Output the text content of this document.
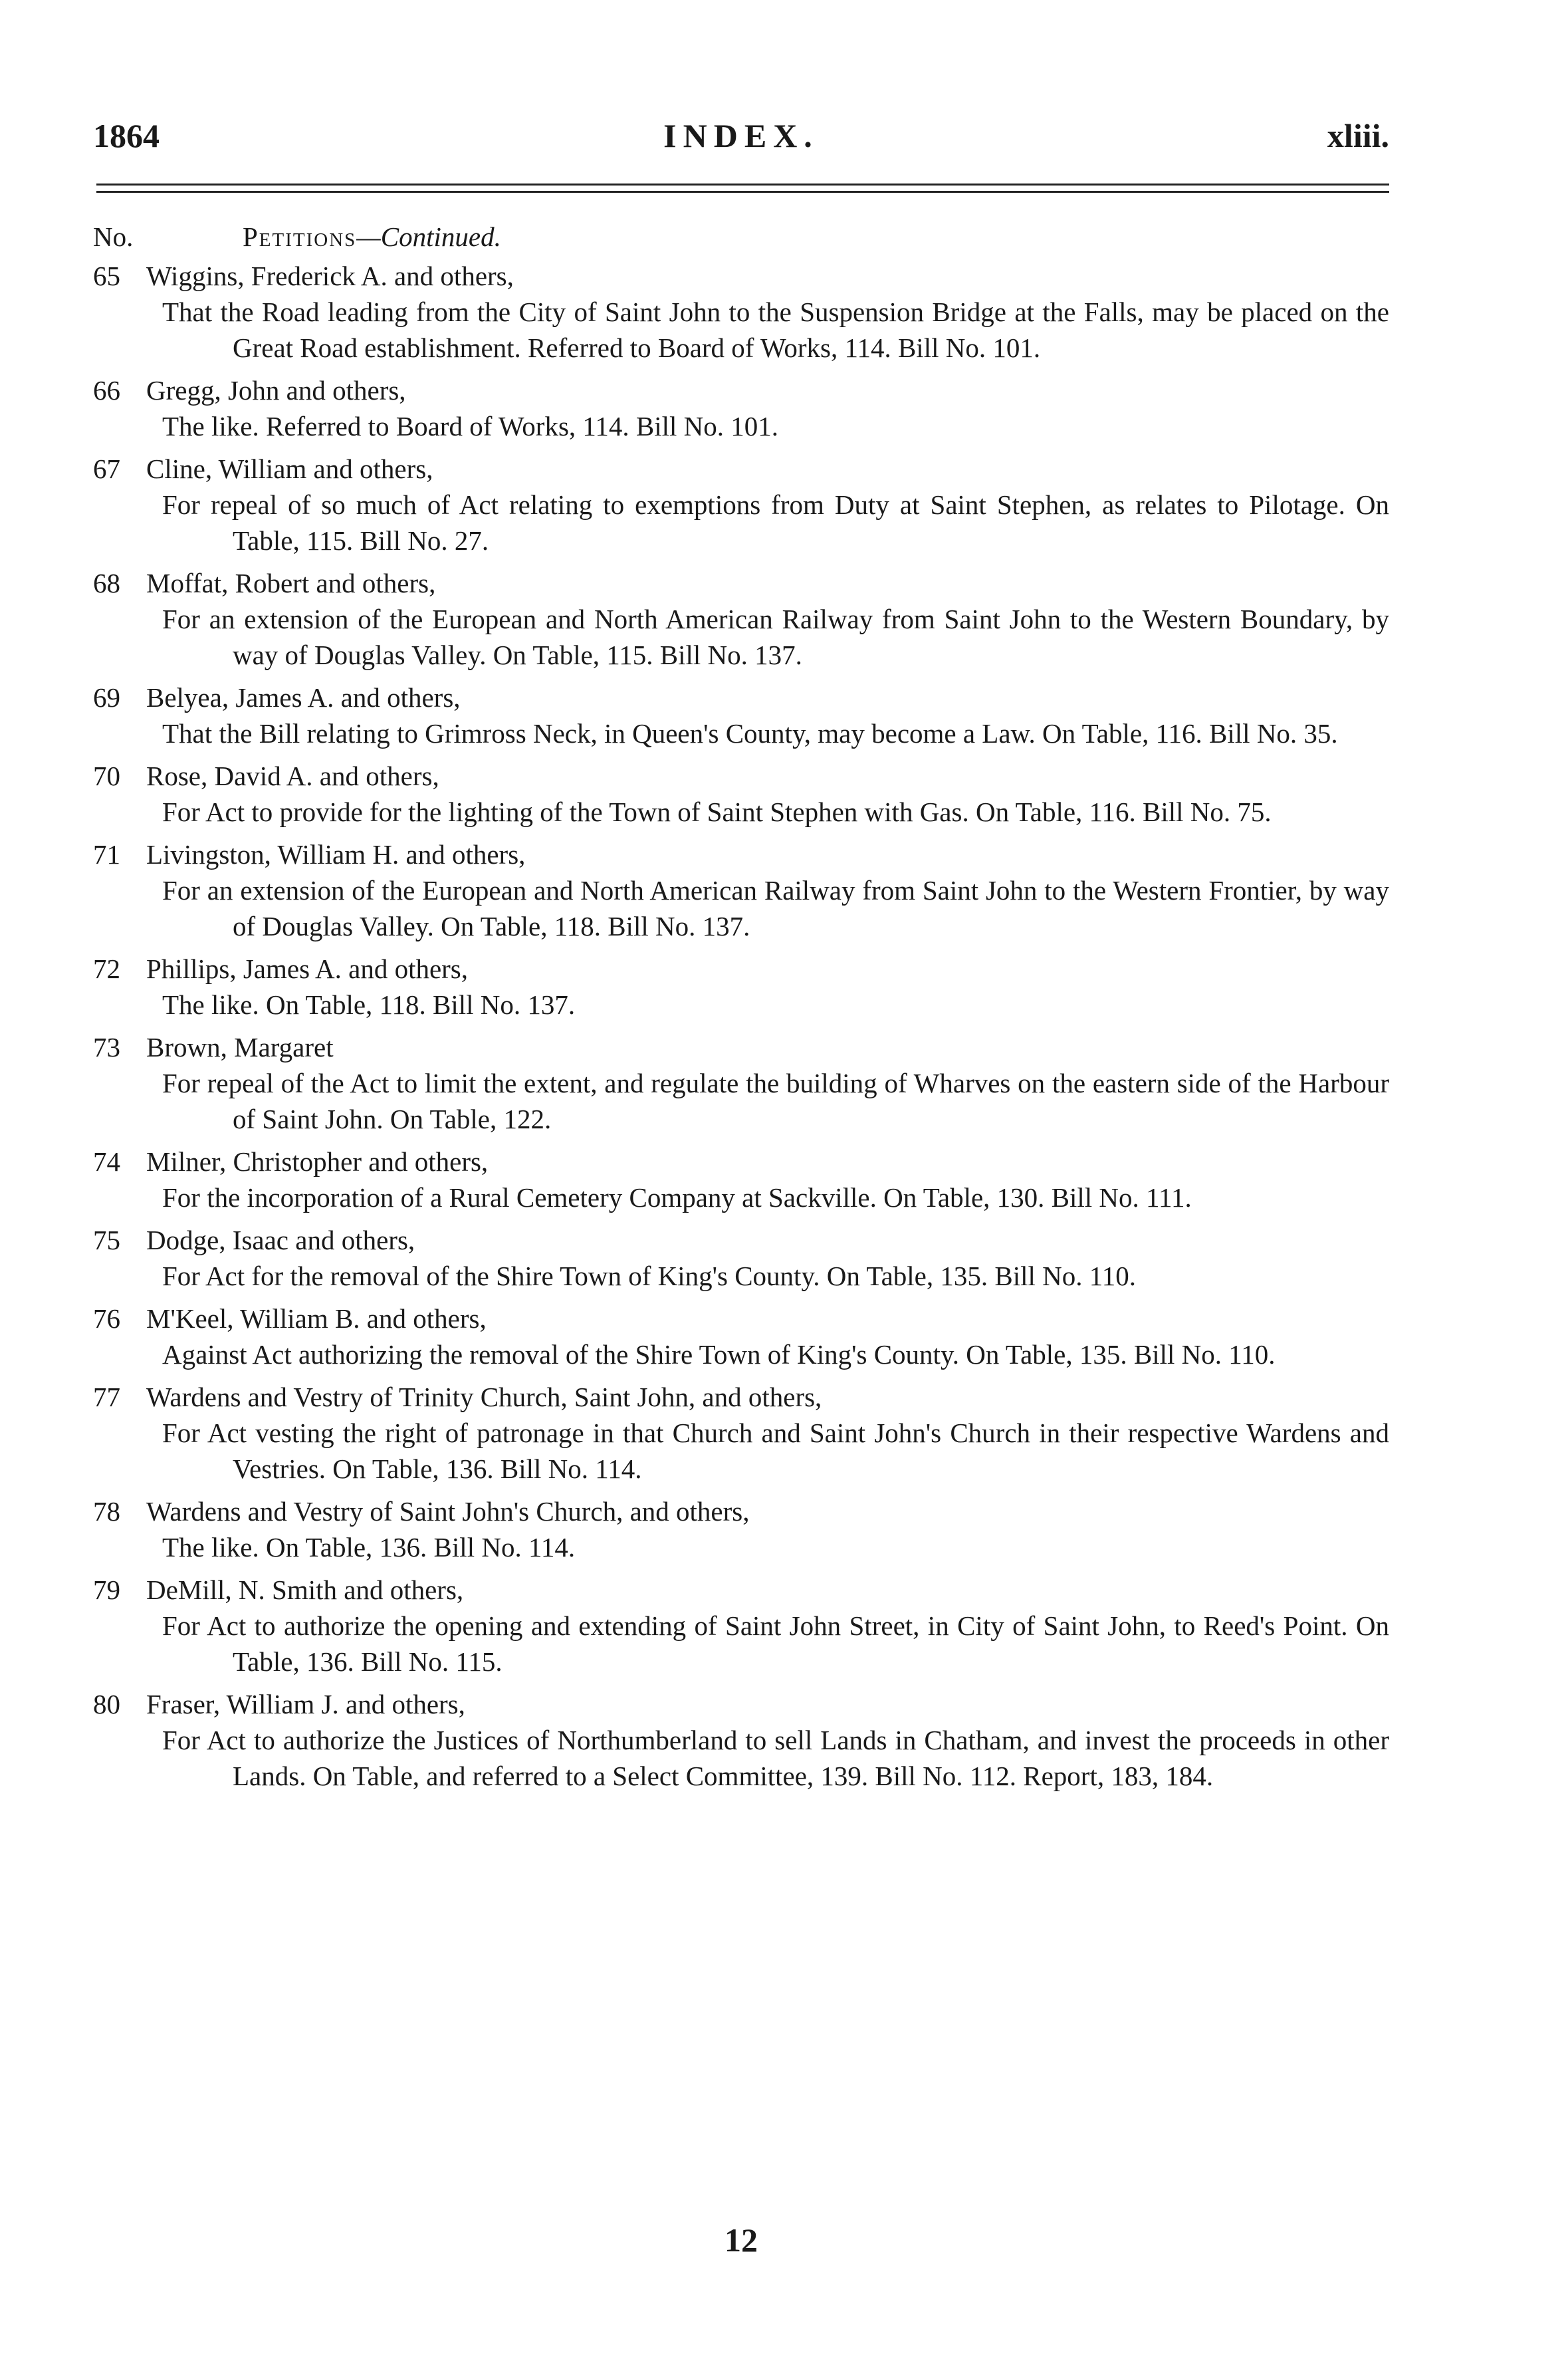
1864	INDEX.	xliii.
No.	Petitions—Continued.
65 Wiggins, Frederick A. and others,
That the Road leading from the City of Saint John to the Suspension Bridge at the Falls, may be placed on the Great Road establishment. Referred to Board of Works, 114. Bill No. 101.
66 Gregg, John and others,
The like. Referred to Board of Works, 114. Bill No. 101.
67 Cline, William and others,
For repeal of so much of Act relating to exemptions from Duty at Saint Stephen, as relates to Pilotage. On Table, 115. Bill No. 27.
68 Moffat, Robert and others,
For an extension of the European and North American Railway from Saint John to the Western Boundary, by way of Douglas Valley. On Table, 115. Bill No. 137.
69 Belyea, James A. and others,
That the Bill relating to Grimross Neck, in Queen's County, may become a Law. On Table, 116. Bill No. 35.
70 Rose, David A. and others,
For Act to provide for the lighting of the Town of Saint Stephen with Gas. On Table, 116. Bill No. 75.
71 Livingston, William H. and others,
For an extension of the European and North American Railway from Saint John to the Western Frontier, by way of Douglas Valley. On Table, 118. Bill No. 137.
72 Phillips, James A. and others,
The like. On Table, 118. Bill No. 137.
73 Brown, Margaret
For repeal of the Act to limit the extent, and regulate the building of Wharves on the eastern side of the Harbour of Saint John. On Table, 122.
74 Milner, Christopher and others,
For the incorporation of a Rural Cemetery Company at Sackville. On Table, 130. Bill No. 111.
75 Dodge, Isaac and others,
For Act for the removal of the Shire Town of King's County. On Table, 135. Bill No. 110.
76 M'Keel, William B. and others,
Against Act authorizing the removal of the Shire Town of King's County. On Table, 135. Bill No. 110.
77 Wardens and Vestry of Trinity Church, Saint John, and others,
For Act vesting the right of patronage in that Church and Saint John's Church in their respective Wardens and Vestries. On Table, 136. Bill No. 114.
78 Wardens and Vestry of Saint John's Church, and others,
The like. On Table, 136. Bill No. 114.
79 DeMill, N. Smith and others,
For Act to authorize the opening and extending of Saint John Street, in City of Saint John, to Reed's Point. On Table, 136. Bill No. 115.
80 Fraser, William J. and others,
For Act to authorize the Justices of Northumberland to sell Lands in Chatham, and invest the proceeds in other Lands. On Table, and referred to a Select Committee, 139. Bill No. 112. Report, 183, 184.
12
